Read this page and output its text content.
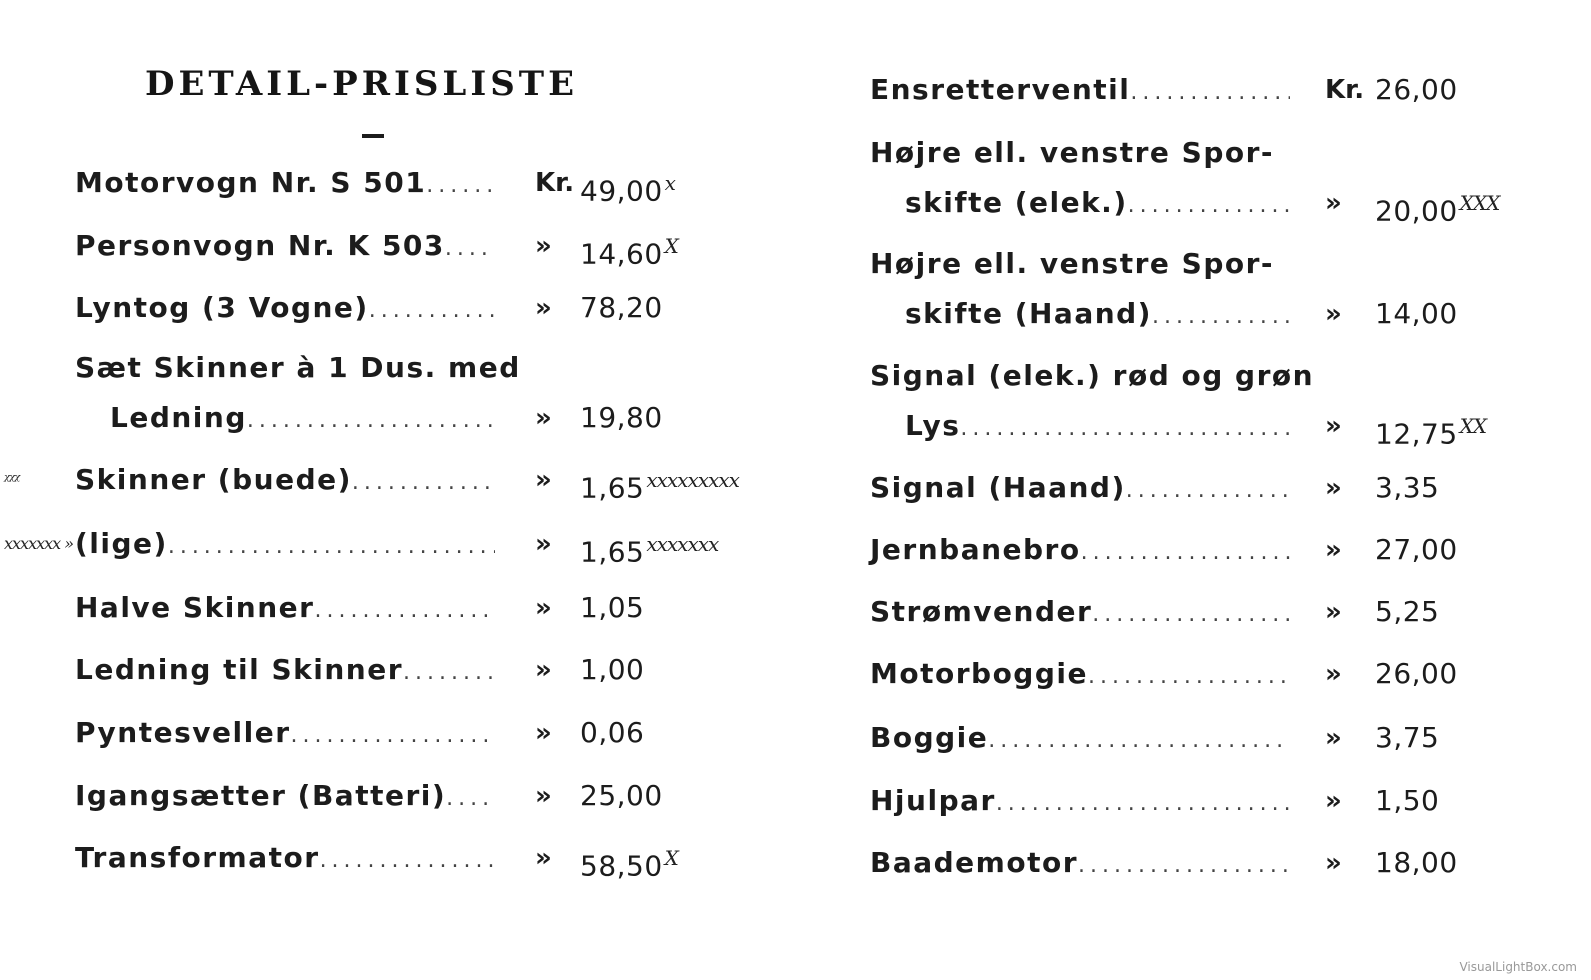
DETAIL-PRISLISTE
Motorvogn Nr. S 501 .....	Kr. 49,00 $^x$
Personvogn Nr. K 503 .....	» 14,60 $^X$
Lyntog (3 Vogne) .....	» 78,20
Sæt Skinner à 1 Dus. med
Ledning .....	» 19,80
Skinner (buede) .....	» 1,65 $^{xxxxxxxxx}$
ᵡᵡᵡ
(lige) .....	» 1,65 $^{xxxxxxx}$
xxxxxxx »
Halve Skinner .....	» 1,05
Ledning til Skinner .....	» 1,00
Pyntesveller .....	» 0,06
Igangsætter (Batteri) .....	» 25,00
Transformator .....	» 58,50 $^X$
Ensretterventil .....	Kr. 26,00
Højre ell. venstre Spor-
skifte (elek.) .....	» 20,00 $^{XXX}$
Højre ell. venstre Spor-
skifte (Haand) .....	» 14,00
Signal (elek.) rød og grøn
Lys .....	» 12,75 $^{XX}$
Signal (Haand) .....	» 3,35
Jernbanebro .....	» 27,00
Strømvender .....	» 5,25
Motorboggie .....	» 26,00
Boggie .....	» 3,75
Hjulpar .....	» 1,50
Baademotor .....	» 18,00
VisualLightBox.com
